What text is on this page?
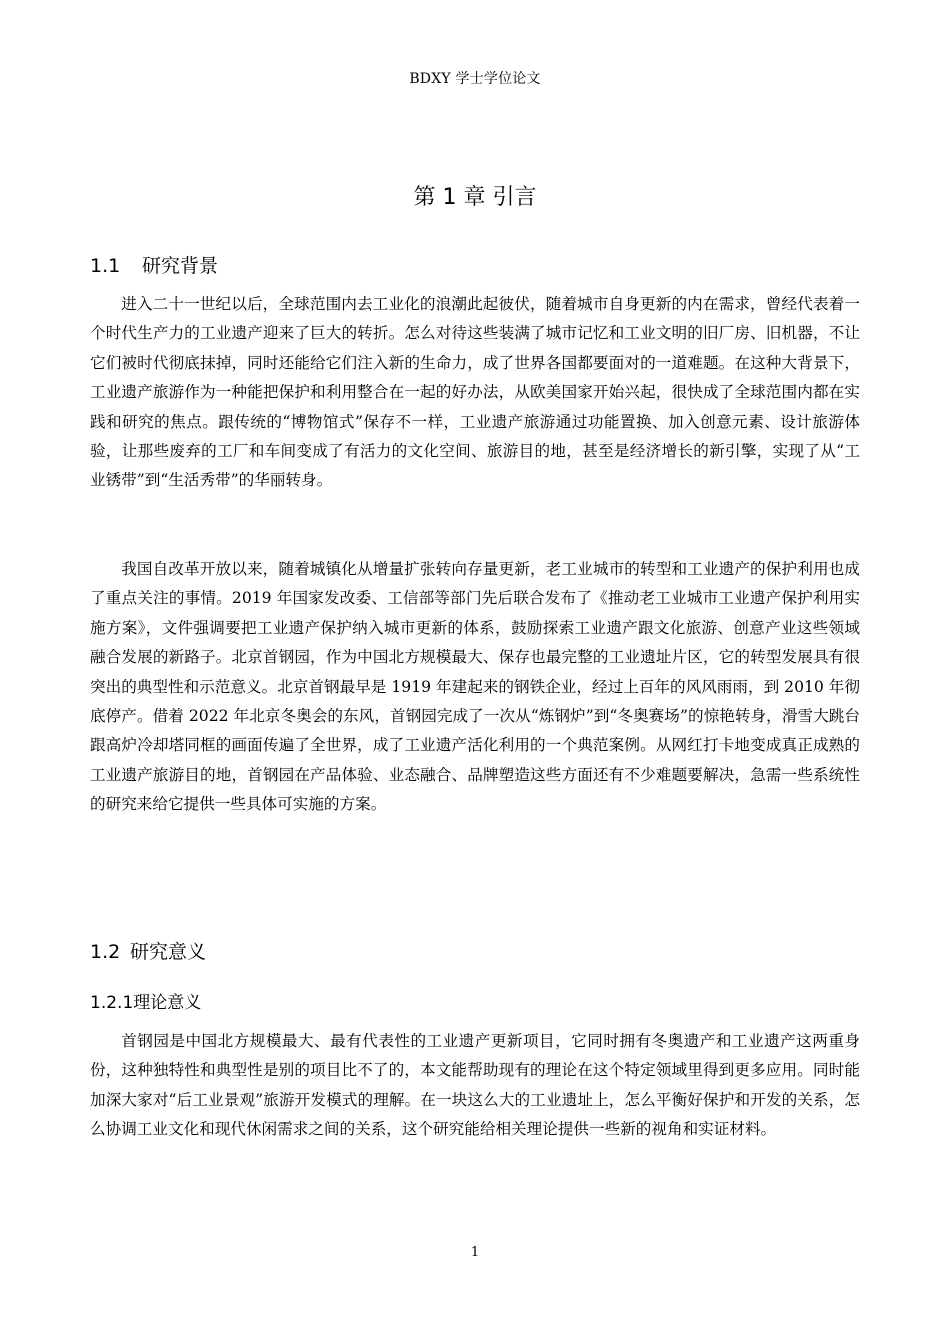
BDXY 学士学位论文
第 1 章 引言
1.1 研究背景

进入二十一世纪以后，全球范围内去工业化的浪潮此起彼伏，随着城市自身更新的内在需求，曾经代表着一个时代生产力的工业遗产迎来了巨大的转折。怎么对待这些装满了城市记忆和工业文明的旧厂房、旧机器，不让它们被时代彻底抹掉，同时还能给它们注入新的生命力，成了世界各国都要面对的一道难题。在这种大背景下，工业遗产旅游作为一种能把保护和利用整合在一起的好办法，从欧美国家开始兴起，很快成了全球范围内都在实践和研究的焦点。跟传统的“博物馆式”保存不一样，工业遗产旅游通过功能置换、加入创意元素、设计旅游体验，让那些废弃的工厂和车间变成了有活力的文化空间、旅游目的地，甚至是经济增长的新引擎，实现了从“工业锈带”到“生活秀带”的华丽转身。

我国自改革开放以来，随着城镇化从增量扩张转向存量更新，老工业城市的转型和工业遗产的保护利用也成了重点关注的事情。2019 年国家发改委、工信部等部门先后联合发布了《推动老工业城市工业遗产保护利用实施方案》，文件强调要把工业遗产保护纳入城市更新的体系，鼓励探索工业遗产跟文化旅游、创意产业这些领域融合发展的新路子。北京首钢园，作为中国北方规模最大、保存也最完整的工业遗址片区，它的转型发展具有很突出的典型性和示范意义。北京首钢最早是 1919 年建起来的钢铁企业，经过上百年的风风雨雨，到 2010 年彻底停产。借着 2022 年北京冬奥会的东风，首钢园完成了一次从“炼钢炉”到“冬奥赛场”的惊艳转身，滑雪大跳台跟高炉冷却塔同框的画面传遍了全世界，成了工业遗产活化利用的一个典范案例。从网红打卡地变成真正成熟的工业遗产旅游目的地，首钢园在产品体验、业态融合、品牌塑造这些方面还有不少难题要解决，急需一些系统性的研究来给它提供一些具体可实施的方案。

1.2 研究意义
1.2.1理论意义

首钢园是中国北方规模最大、最有代表性的工业遗产更新项目，它同时拥有冬奥遗产和工业遗产这两重身份，这种独特性和典型性是别的项目比不了的，本文能帮助现有的理论在这个特定领域里得到更多应用。同时能加深大家对“后工业景观”旅游开发模式的理解。在一块这么大的工业遗址上，怎么平衡好保护和开发的关系，怎么协调工业文化和现代休闲需求之间的关系，这个研究能给相关理论提供一些新的视角和实证材料。

1
